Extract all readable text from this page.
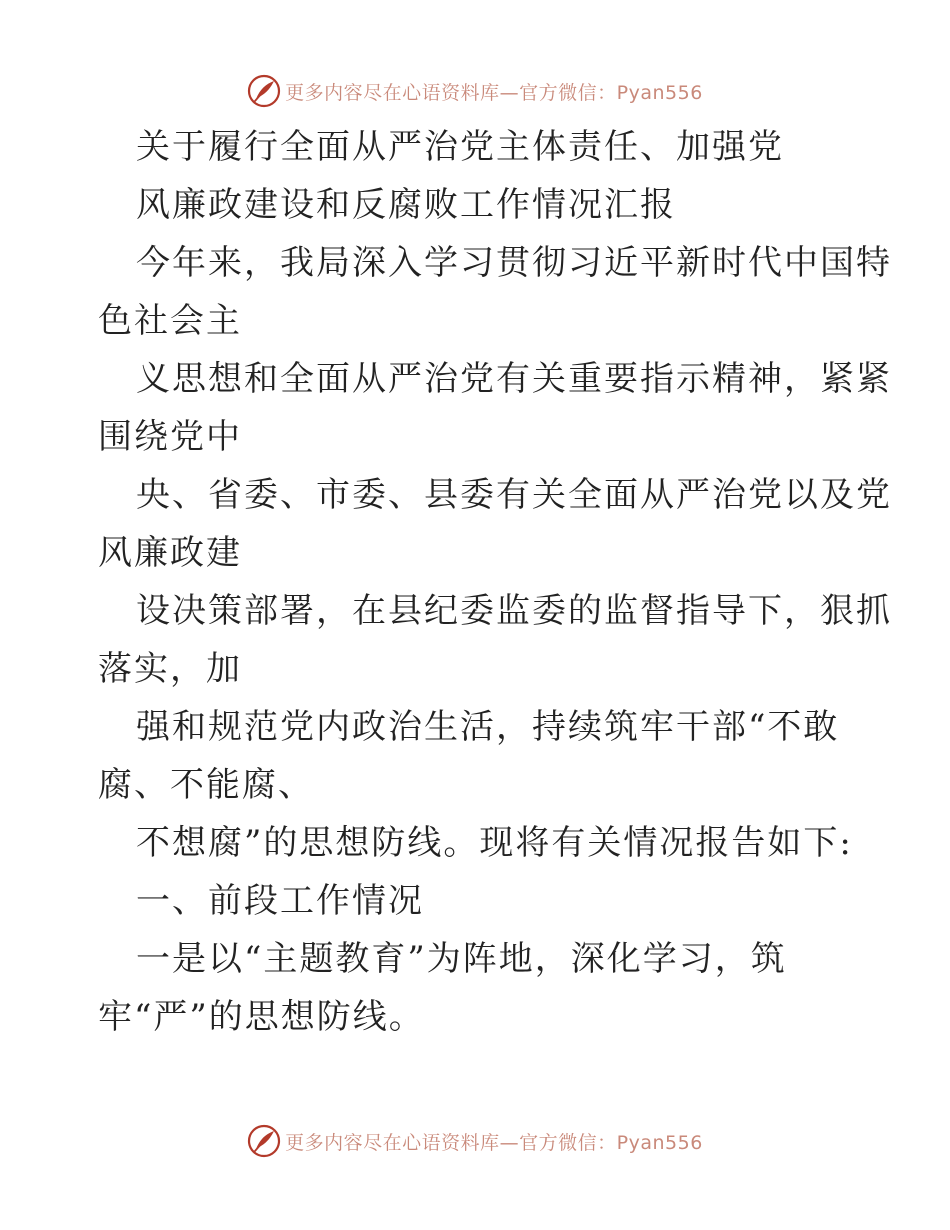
更多内容尽在心语资料库—官方微信：Pyan556
关于履行全面从严治党主体责任、加强党
风廉政建设和反腐败工作情况汇报
今年来，我局深入学习贯彻习近平新时代中国特
色社会主
义思想和全面从严治党有关重要指示精神，紧紧
围绕党中
央、省委、市委、县委有关全面从严治党以及党
风廉政建
设决策部署，在县纪委监委的监督指导下，狠抓
落实，加
强和规范党内政治生活，持续筑牢干部“不敢
腐、不能腐、
不想腐”的思想防线。现将有关情况报告如下:
一、前段工作情况
一是以“主题教育”为阵地，深化学习，筑
牢“严”的思想防线。
更多内容尽在心语资料库—官方微信：Pyan556
